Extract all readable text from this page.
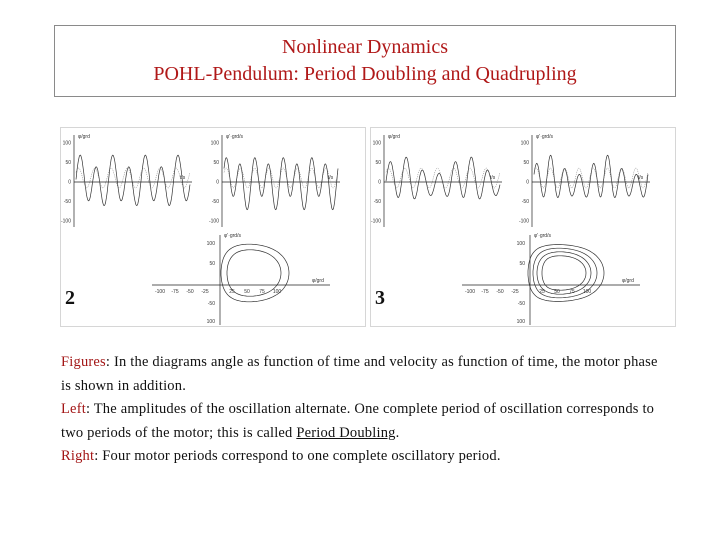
Nonlinear Dynamics
POHL-Pendulum: Period Doubling and Quadrupling
φ/grd
t/s
100
50
0
-50
-100
φ'·grd/s
t/s
100
50
0
-50
-100
φ'·grd/s
φ/grd
100
50
-50
100
-100 -75 -50 -25	25 50 75 100
2
φ/grd
t/s
100
50
0
-50
-100
φ'·grd/s
t/s
100
50
0
-50
-100
φ'·grd/s
φ/grd
100
50
-50
100
-100 -75 -50 -25	25 50 75 100
3
Figures: In the diagrams angle as function of time and velocity as function of time, the motor phase is shown in addition.
Left: The amplitudes of the oscillation alternate. One complete period of oscillation corresponds to two periods of the motor; this is called Period Doubling.
Right: Four motor periods correspond to one complete oscillatory period.
